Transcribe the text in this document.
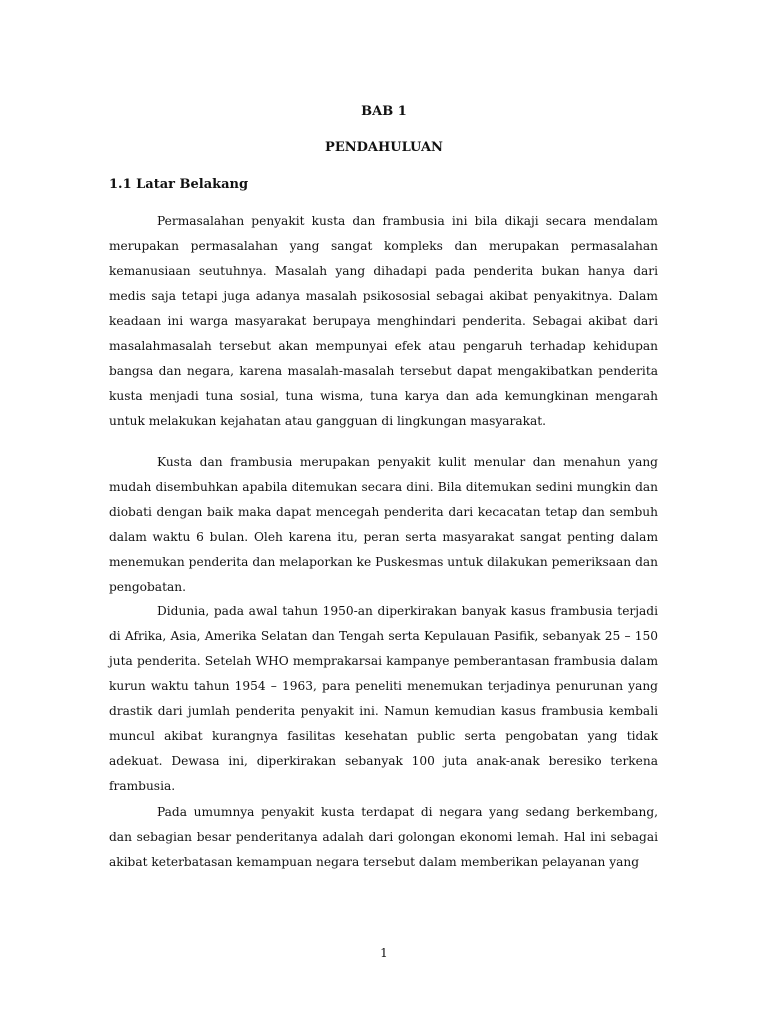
BAB 1
PENDAHULUAN
1.1 Latar Belakang

Permasalahan penyakit kusta dan frambusia ini bila dikaji secara mendalam merupakan permasalahan yang sangat kompleks dan merupakan permasalahan kemanusiaan seutuhnya. Masalah yang dihadapi pada penderita bukan hanya dari medis saja tetapi juga adanya masalah psikososial sebagai akibat penyakitnya. Dalam keadaan ini warga masyarakat berupaya menghindari penderita. Sebagai akibat dari masalahmasalah tersebut akan mempunyai efek atau pengaruh terhadap kehidupan bangsa dan negara, karena masalah-masalah tersebut dapat mengakibatkan penderita kusta menjadi tuna sosial, tuna wisma, tuna karya dan ada kemungkinan mengarah untuk melakukan kejahatan atau gangguan di lingkungan masyarakat.

Kusta dan frambusia merupakan penyakit kulit menular dan menahun yang mudah disembuhkan apabila ditemukan secara dini. Bila ditemukan sedini mungkin dan diobati dengan baik maka dapat mencegah penderita dari kecacatan tetap dan sembuh dalam waktu 6 bulan. Oleh karena itu, peran serta masyarakat sangat penting dalam menemukan penderita dan melaporkan ke Puskesmas untuk dilakukan pemeriksaan dan pengobatan.

Didunia, pada awal tahun 1950-an diperkirakan banyak kasus frambusia terjadi di Afrika, Asia, Amerika Selatan dan Tengah serta Kepulauan Pasifik, sebanyak 25 – 150 juta penderita. Setelah WHO memprakarsai kampanye pemberantasan frambusia dalam kurun waktu tahun 1954 – 1963, para peneliti menemukan terjadinya penurunan yang drastik dari jumlah penderita penyakit ini. Namun kemudian kasus frambusia kembali muncul akibat kurangnya fasilitas kesehatan public serta pengobatan yang tidak adekuat. Dewasa ini, diperkirakan sebanyak 100 juta anak-anak beresiko terkena frambusia.

Pada umumnya penyakit kusta terdapat di negara yang sedang berkembang, dan sebagian besar penderitanya adalah dari golongan ekonomi lemah. Hal ini sebagai akibat keterbatasan kemampuan negara tersebut dalam memberikan pelayanan yang

1
